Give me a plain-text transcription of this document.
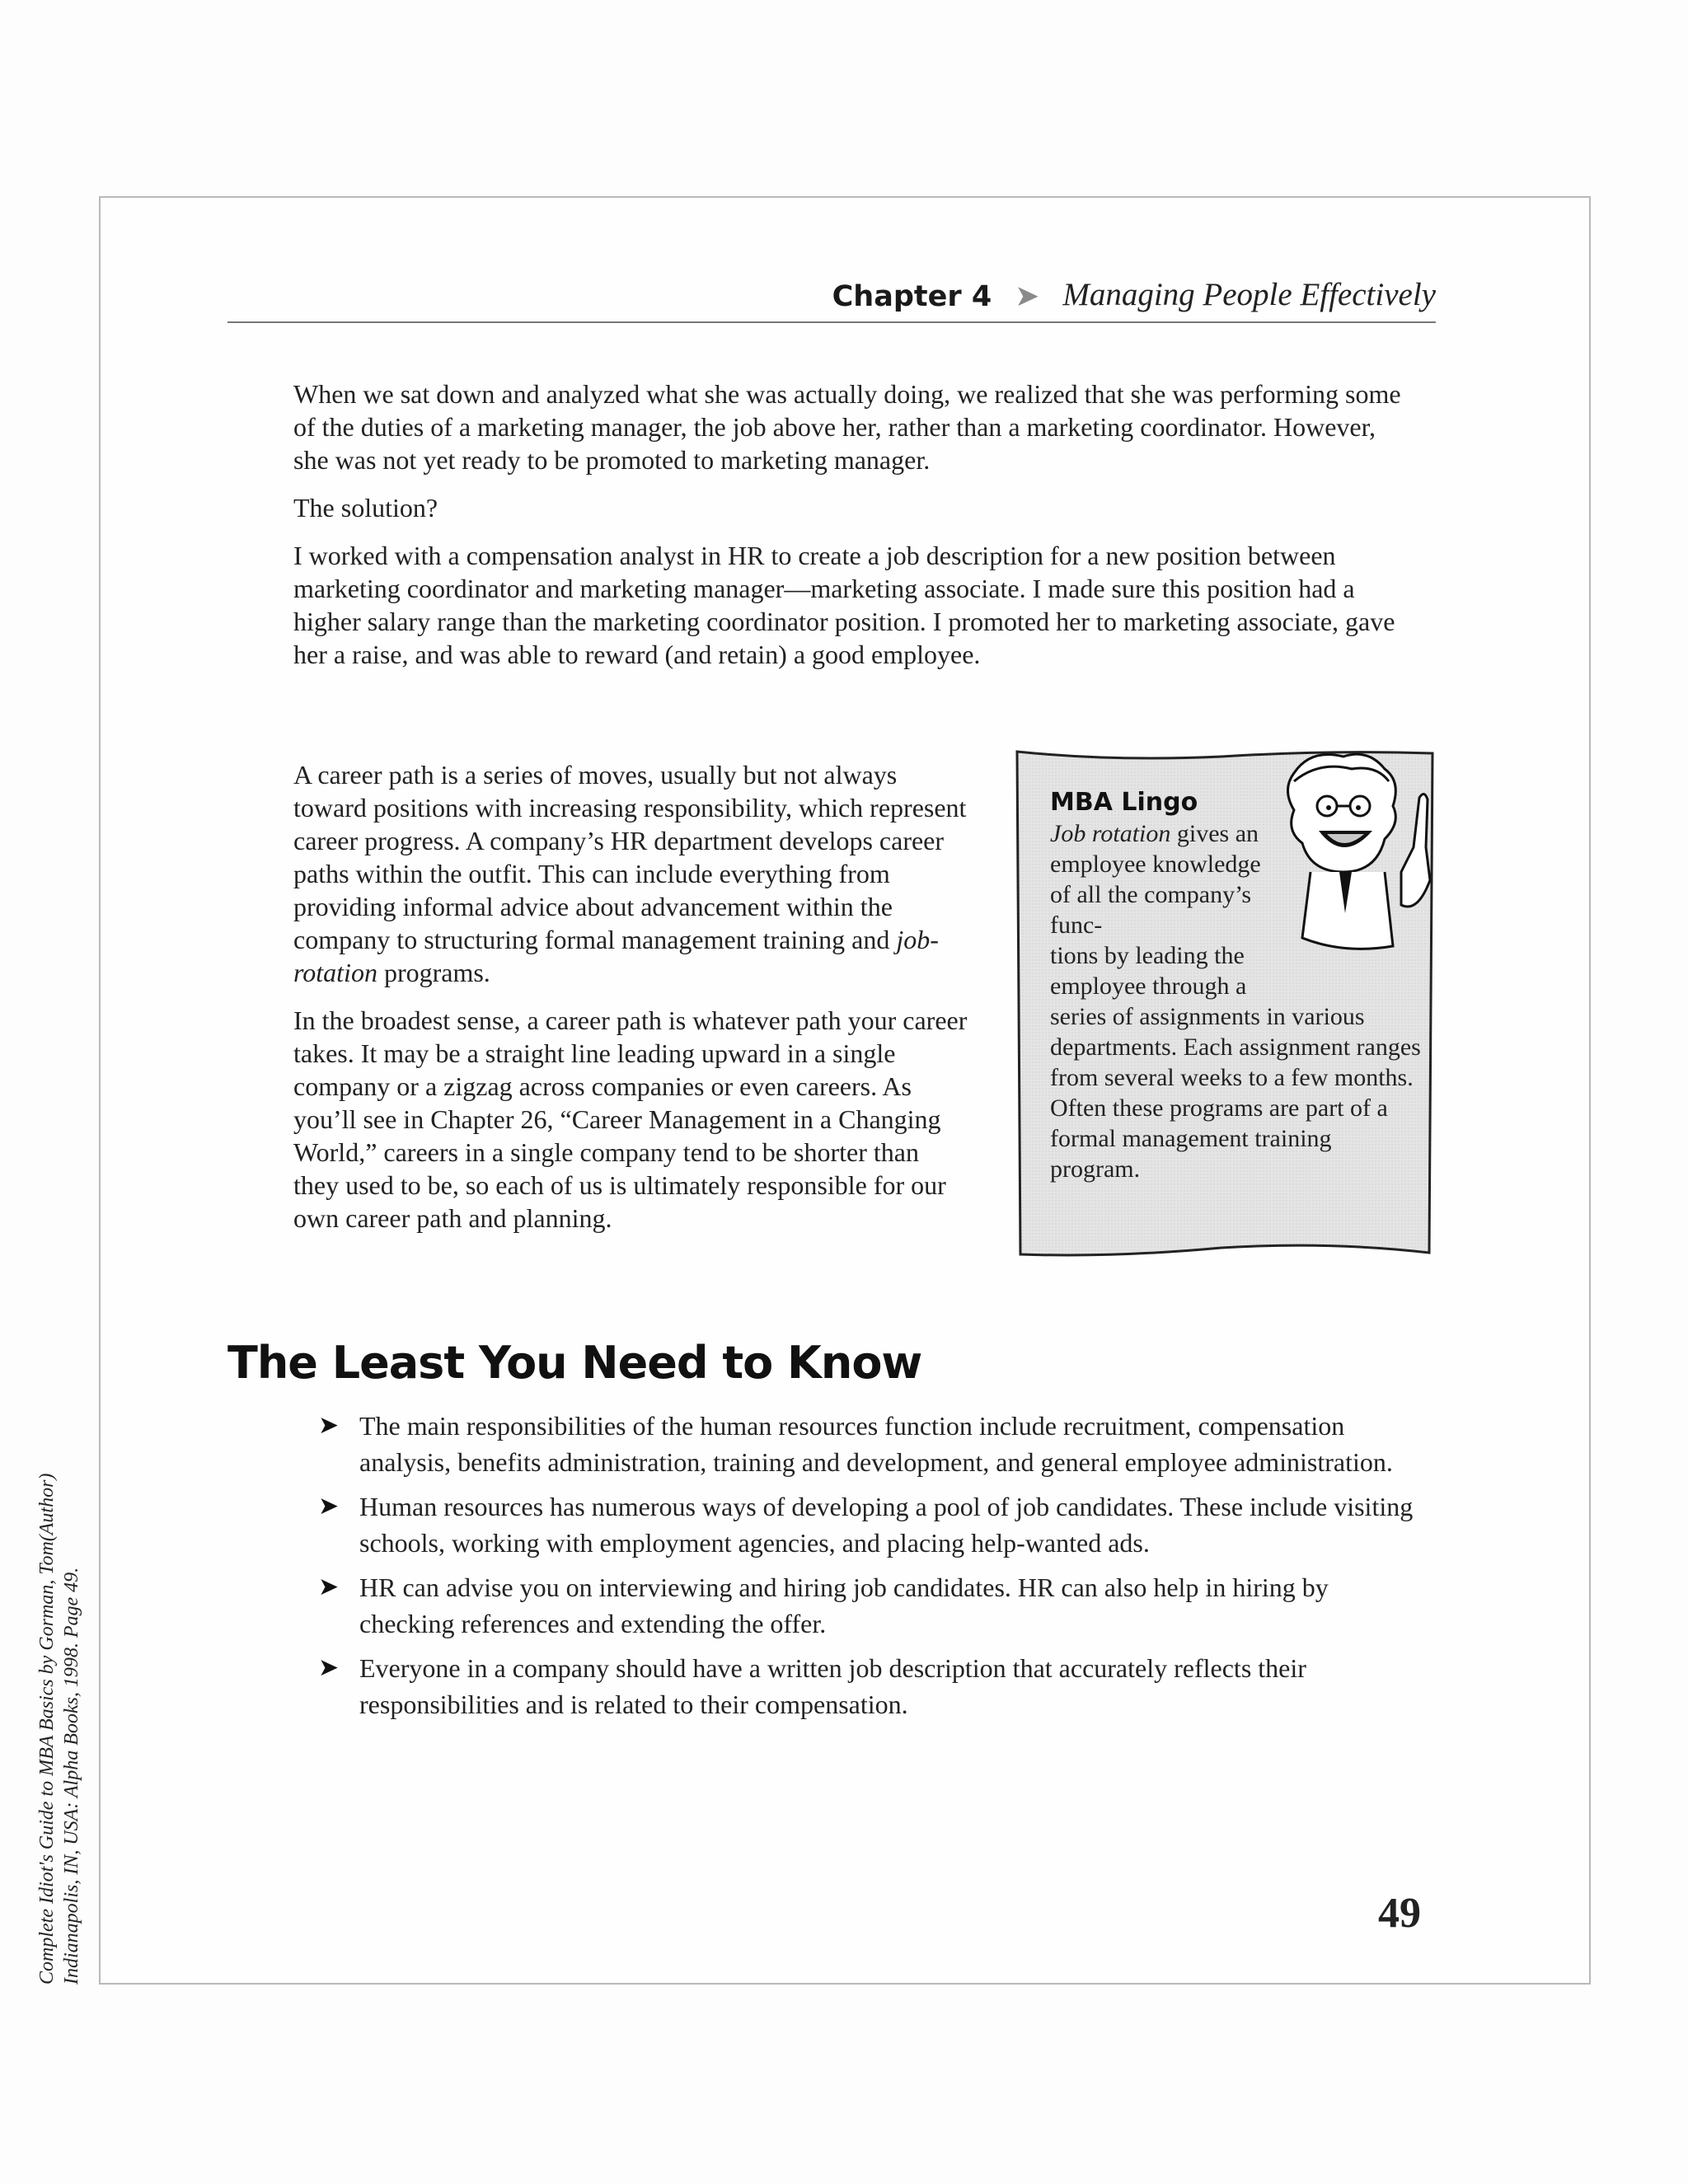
Chapter 4 ➤ Managing People Effectively

When we sat down and analyzed what she was actually doing, we realized that she was performing some of the duties of a marketing manager, the job above her, rather than a marketing coordinator. However, she was not yet ready to be promoted to marketing manager.

The solution?

I worked with a compensation analyst in HR to create a job description for a new position between marketing coordinator and marketing manager—marketing associate. I made sure this position had a higher salary range than the marketing coordinator position. I promoted her to marketing associate, gave her a raise, and was able to reward (and retain) a good employee.

A career path is a series of moves, usually but not always toward positions with increasing responsibility, which represent career progress. A company’s HR department develops career paths within the outfit. This can include everything from providing informal advice about advancement within the company to structuring formal management training and job-rotation programs.

In the broadest sense, a career path is whatever path your career takes. It may be a straight line leading upward in a single company or a zigzag across companies or even careers. As you’ll see in Chapter 26, “Career Management in a Changing World,” careers in a single company tend to be shorter than they used to be, so each of us is ultimately responsible for our own career path and planning.

MBA Lingo
Job rotation gives an employee knowledge of all the company’s func-
tions by leading the employee through a
series of assignments in various departments. Each assignment ranges from several weeks to a few months. Often these programs are part of a formal management training program.
The Least You Need to Know
➤ The main responsibilities of the human resources function include recruitment, compensation analysis, benefits administration, training and development, and general employee administration.
➤ Human resources has numerous ways of developing a pool of job candidates. These include visiting schools, working with employment agencies, and placing help-wanted ads.
➤ HR can advise you on interviewing and hiring job candidates. HR can also help in hiring by checking references and extending the offer.
➤ Everyone in a company should have a written job description that accurately reflects their responsibilities and is related to their compensation.
49
Complete Idiot's Guide to MBA Basics by Gorman, Tom(Author) Indianapolis, IN, USA: Alpha Books, 1998. Page 49.
